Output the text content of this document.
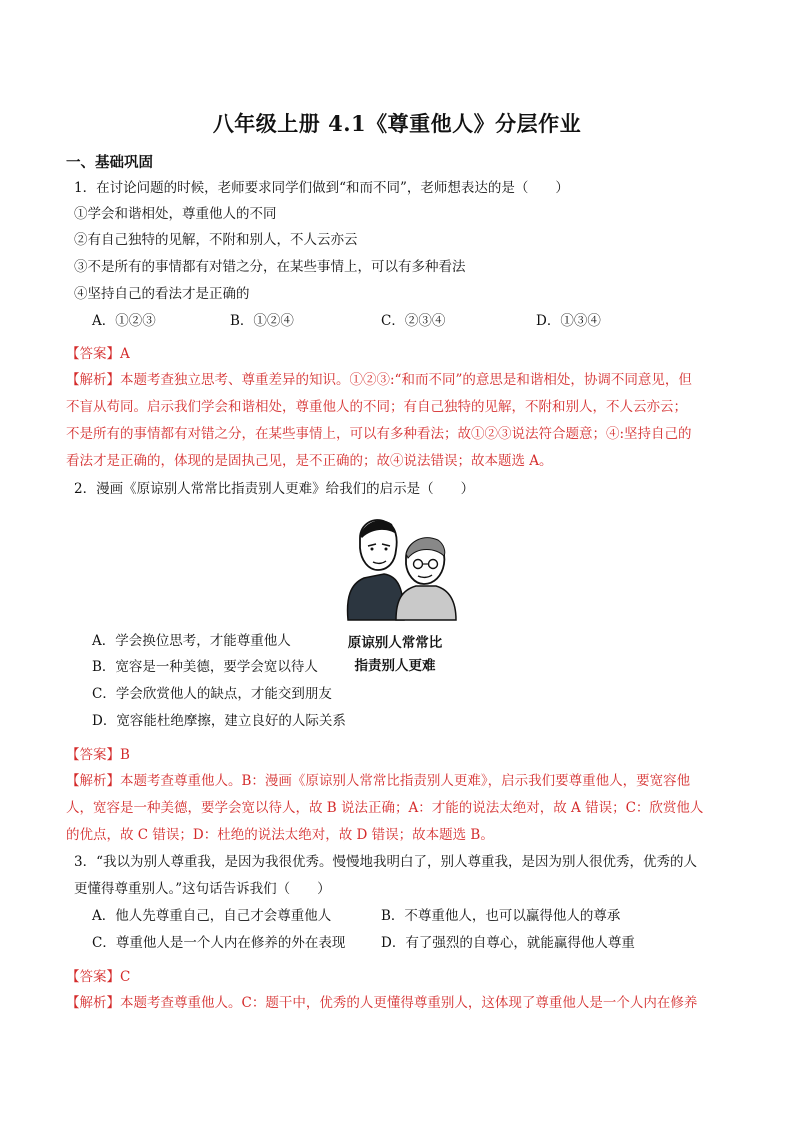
八年级上册 4.1《尊重他人》分层作业
一、基础巩固
1．在讨论问题的时候，老师要求同学们做到“和而不同”，老师想表达的是（　　）
①学会和谐相处，尊重他人的不同
②有自己独特的见解，不附和别人，不人云亦云
③不是所有的事情都有对错之分，在某些事情上，可以有多种看法
④坚持自己的看法才是正确的
A．①②③	B．①②④	C．②③④	D．①③④
【答案】A
【解析】本题考查独立思考、尊重差异的知识。①②③:“和而不同”的意思是和谐相处，协调不同意见，但
不盲从苟同。启示我们学会和谐相处，尊重他人的不同；有自己独特的见解，不附和别人，不人云亦云；
不是所有的事情都有对错之分，在某些事情上，可以有多种看法；故①②③说法符合题意；④:坚持自己的
看法才是正确的，体现的是固执己见，是不正确的；故④说法错误；故本题选 A。
2．漫画《原谅别人常常比指责别人更难》给我们的启示是（　　）
原谅别人常常比
指责别人更难
A．学会换位思考，才能尊重他人
B．宽容是一种美德，要学会宽以待人
C．学会欣赏他人的缺点，才能交到朋友
D．宽容能杜绝摩擦，建立良好的人际关系
【答案】B
【解析】本题考查尊重他人。B：漫画《原谅别人常常比指责别人更难》，启示我们要尊重他人，要宽容他
人，宽容是一种美德，要学会宽以待人，故 B 说法正确；A：才能的说法太绝对，故 A 错误；C：欣赏他人
的优点，故 C 错误；D：杜绝的说法太绝对，故 D 错误；故本题选 B。
3．“我以为别人尊重我，是因为我很优秀。慢慢地我明白了，别人尊重我，是因为别人很优秀，优秀的人
更懂得尊重别人。”这句话告诉我们（　　）
A．他人先尊重自己，自己才会尊重他人	B．不尊重他人，也可以赢得他人的尊承
C．尊重他人是一个人内在修养的外在表现	D．有了强烈的自尊心，就能赢得他人尊重
【答案】C
【解析】本题考查尊重他人。C：题干中，优秀的人更懂得尊重别人，这体现了尊重他人是一个人内在修养
